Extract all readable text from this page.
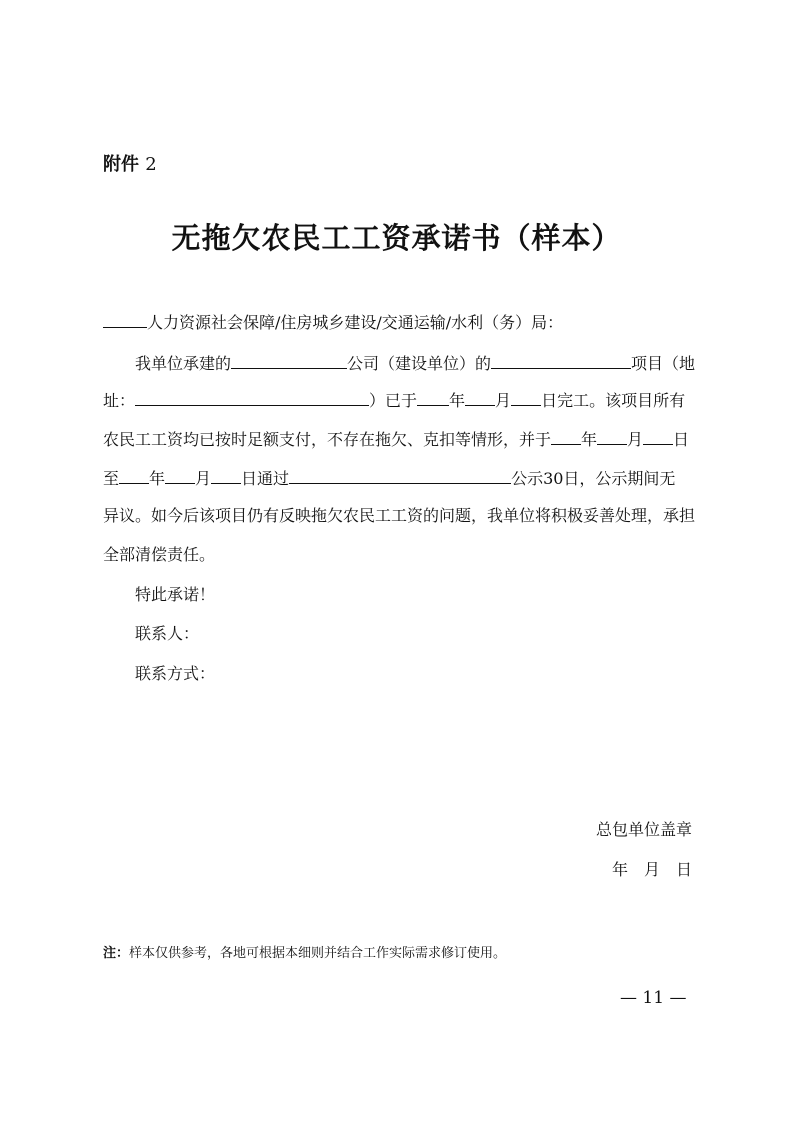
附件 2
无拖欠农民工工资承诺书（样本）
人力资源社会保障/住房城乡建设/交通运输/水利（务）局：
我单位承建的	公司（建设单位）的	项目（地
址：	）已于 年 月 日完工。该项目所有
农民工工资均已按时足额支付，不存在拖欠、克扣等情形，并于 年 月 日
至 年 月 日通过	公示30日，公示期间无
异议。如今后该项目仍有反映拖欠农民工工资的问题，我单位将积极妥善处理，承担
全部清偿责任。
特此承诺！
联系人：
联系方式：
总包单位盖章
年　月　日
注：样本仅供参考，各地可根据本细则并结合工作实际需求修订使用。
— 11 —
